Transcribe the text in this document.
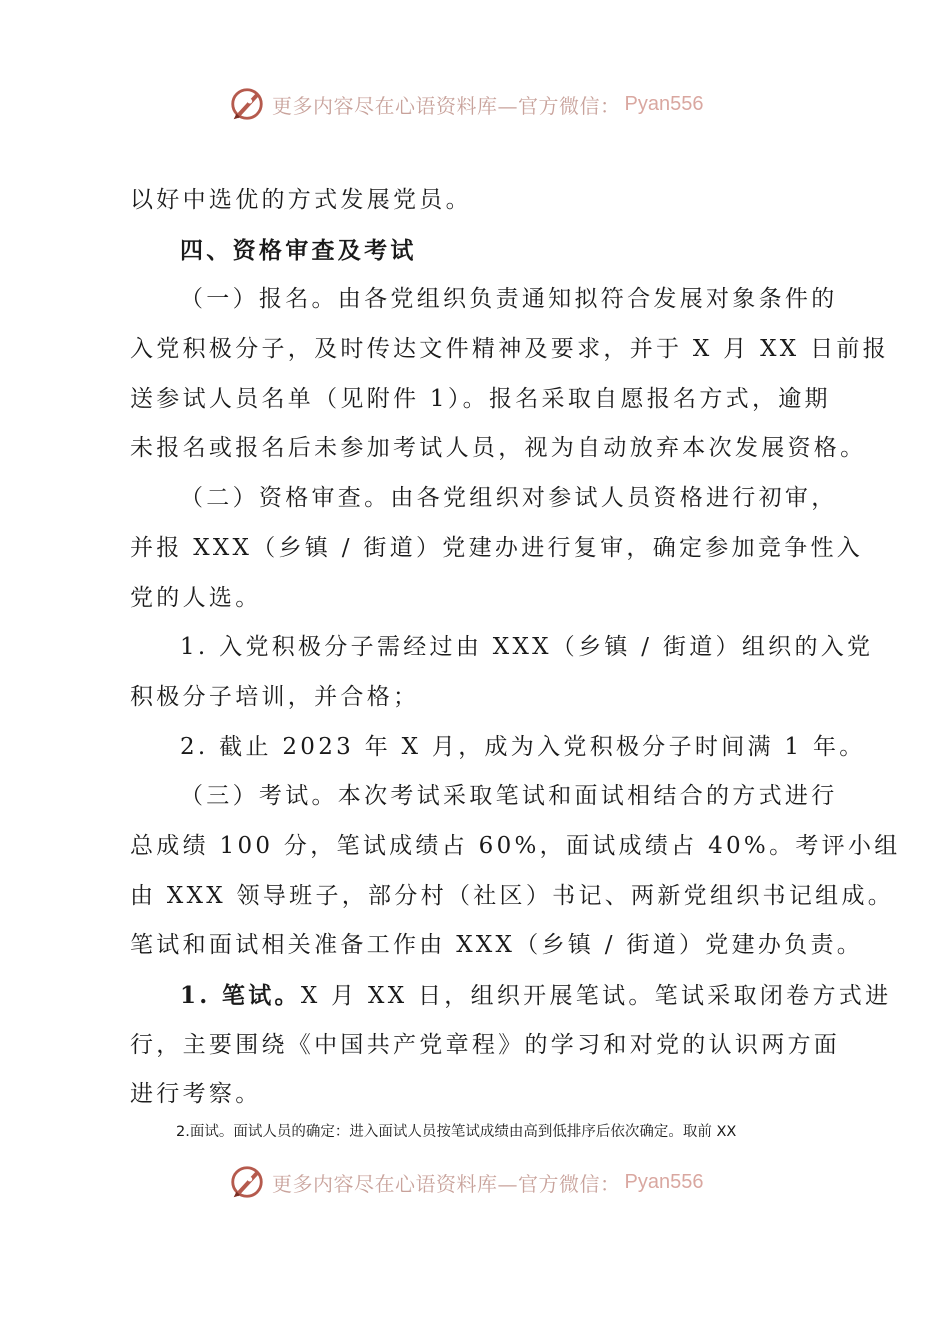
更多内容尽在心语资料库—官方微信： Pyan556

以好中选优的方式发展党员。

四、资格审查及考试

（一）报名。由各党组织负责通知拟符合发展对象条件的

入党积极分子，及时传达文件精神及要求，并于 X 月 XX 日前报

送参试人员名单（见附件 1）。报名采取自愿报名方式，逾期

未报名或报名后未参加考试人员，视为自动放弃本次发展资格。

（二）资格审查。由各党组织对参试人员资格进行初审，

并报 XXX（乡镇 / 街道）党建办进行复审，确定参加竞争性入

党的人选。

1. 入党积极分子需经过由 XXX（乡镇 / 街道）组织的入党

积极分子培训，并合格；

2. 截止 2023 年 X 月，成为入党积极分子时间满 1 年。

（三）考试。本次考试采取笔试和面试相结合的方式进行

总成绩 100 分，笔试成绩占 60%，面试成绩占 40%。考评小组

由 XXX 领导班子，部分村（社区）书记、两新党组织书记组成。

笔试和面试相关准备工作由 XXX（乡镇 / 街道）党建办负责。

1. 笔试。X 月 XX 日，组织开展笔试。笔试采取闭卷方式进

行，主要围绕《中国共产党章程》的学习和对党的认识两方面

进行考察。

2.面试。面试人员的确定：进入面试人员按笔试成绩由高到低排序后依次确定。取前 XX
更多内容尽在心语资料库—官方微信： Pyan556
